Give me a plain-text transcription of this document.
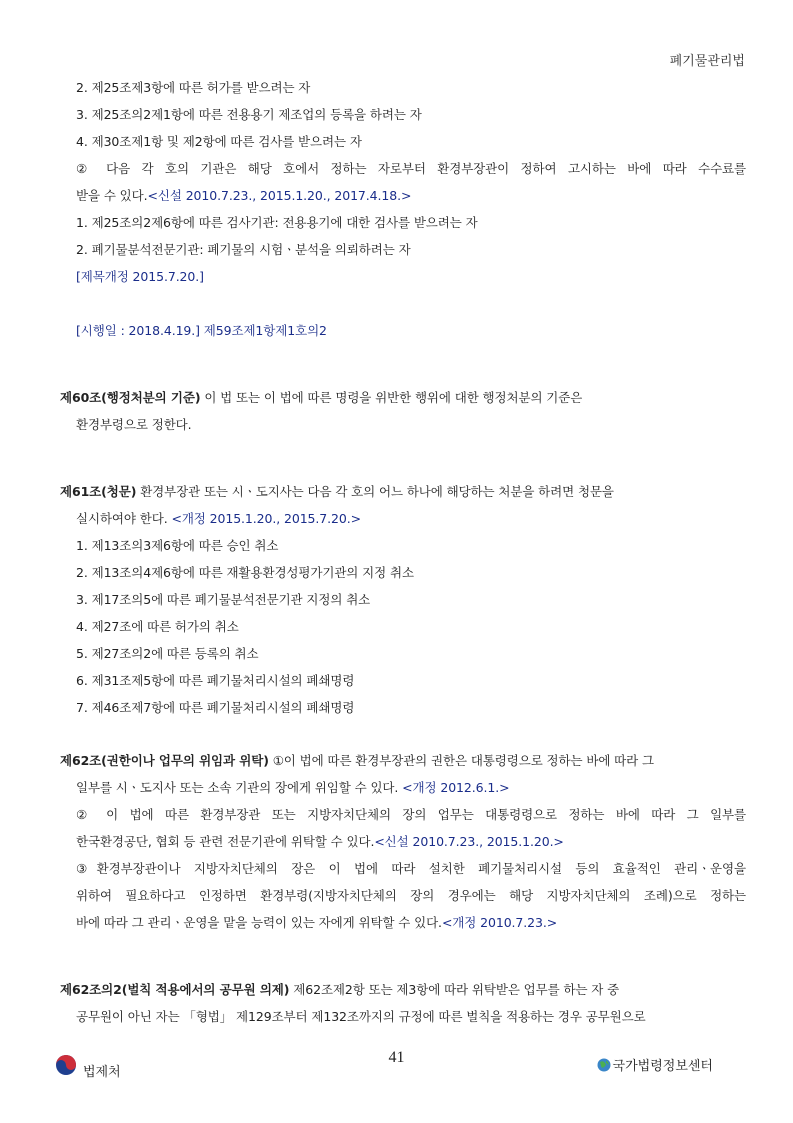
폐기물관리법
2. 제25조제3항에 따른 허가를 받으려는 자
3. 제25조의2제1항에 따른 전용용기 제조업의 등록을 하려는 자
4. 제30조제1항 및 제2항에 따른 검사를 받으려는 자
② 다음 각 호의 기관은 해당 호에서 정하는 자로부터 환경부장관이 정하여 고시하는 바에 따라 수수료를
받을 수 있다.<신설 2010.7.23., 2015.1.20., 2017.4.18.>
1. 제25조의2제6항에 따른 검사기관: 전용용기에 대한 검사를 받으려는 자
2. 폐기물분석전문기관: 폐기물의 시험ㆍ분석을 의뢰하려는 자
[제목개정 2015.7.20.]
[시행일 : 2018.4.19.] 제59조제1항제1호의2
제60조(행정처분의 기준) 이 법 또는 이 법에 따른 명령을 위반한 행위에 대한 행정처분의 기준은
환경부령으로 정한다.
제61조(청문) 환경부장관 또는 시ㆍ도지사는 다음 각 호의 어느 하나에 해당하는 처분을 하려면 청문을
실시하여야 한다. <개정 2015.1.20., 2015.7.20.>
1. 제13조의3제6항에 따른 승인 취소
2. 제13조의4제6항에 따른 재활용환경성평가기관의 지정 취소
3. 제17조의5에 따른 폐기물분석전문기관 지정의 취소
4. 제27조에 따른 허가의 취소
5. 제27조의2에 따른 등록의 취소
6. 제31조제5항에 따른 폐기물처리시설의 폐쇄명령
7. 제46조제7항에 따른 폐기물처리시설의 폐쇄명령
제62조(권한이나 업무의 위임과 위탁) ①이 법에 따른 환경부장관의 권한은 대통령령으로 정하는 바에 따라 그
일부를 시ㆍ도지사 또는 소속 기관의 장에게 위임할 수 있다. <개정 2012.6.1.>
② 이 법에 따른 환경부장관 또는 지방자치단체의 장의 업무는 대통령령으로 정하는 바에 따라 그 일부를
한국환경공단, 협회 등 관련 전문기관에 위탁할 수 있다.<신설 2010.7.23., 2015.1.20.>
③환경부장관이나 지방자치단체의 장은 이 법에 따라 설치한 폐기물처리시설 등의 효율적인 관리ㆍ운영을
위하여 필요하다고 인정하면 환경부령(지방자치단체의 장의 경우에는 해당 지방자치단체의 조례)으로 정하는
바에 따라 그 관리ㆍ운영을 맡을 능력이 있는 자에게 위탁할 수 있다.<개정 2010.7.23.>
제62조의2(벌칙 적용에서의 공무원 의제) 제62조제2항 또는 제3항에 따라 위탁받은 업무를 하는 자 중
공무원이 아닌 자는 「형법」 제129조부터 제132조까지의 규정에 따른 벌칙을 적용하는 경우 공무원으로
법제처
41
국가법령정보센터
